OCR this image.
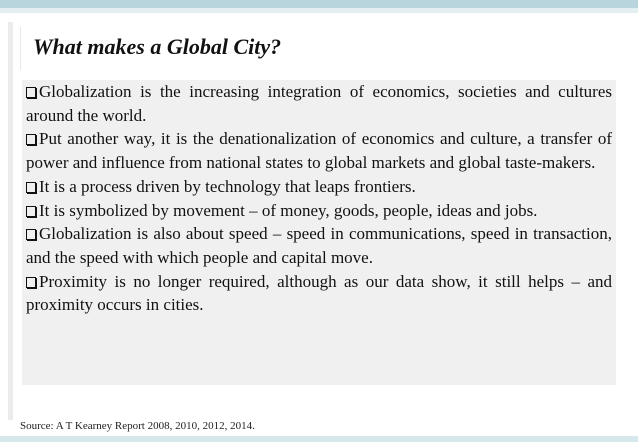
What makes a Global City?
Globalization is the increasing integration of economics, societies and cultures around the world.
Put another way, it is the denationalization of economics and culture, a transfer of power and influence from national states to global markets and global taste-makers.
It is a process driven by technology that leaps frontiers.
It is symbolized by movement – of money, goods, people, ideas and jobs.
Globalization is also about speed – speed in communications, speed in transaction, and the speed with which people and capital move.
Proximity is no longer required, although as our data show, it still helps – and proximity occurs in cities.

Source: A T Kearney Report 2008, 2010, 2012, 2014.
